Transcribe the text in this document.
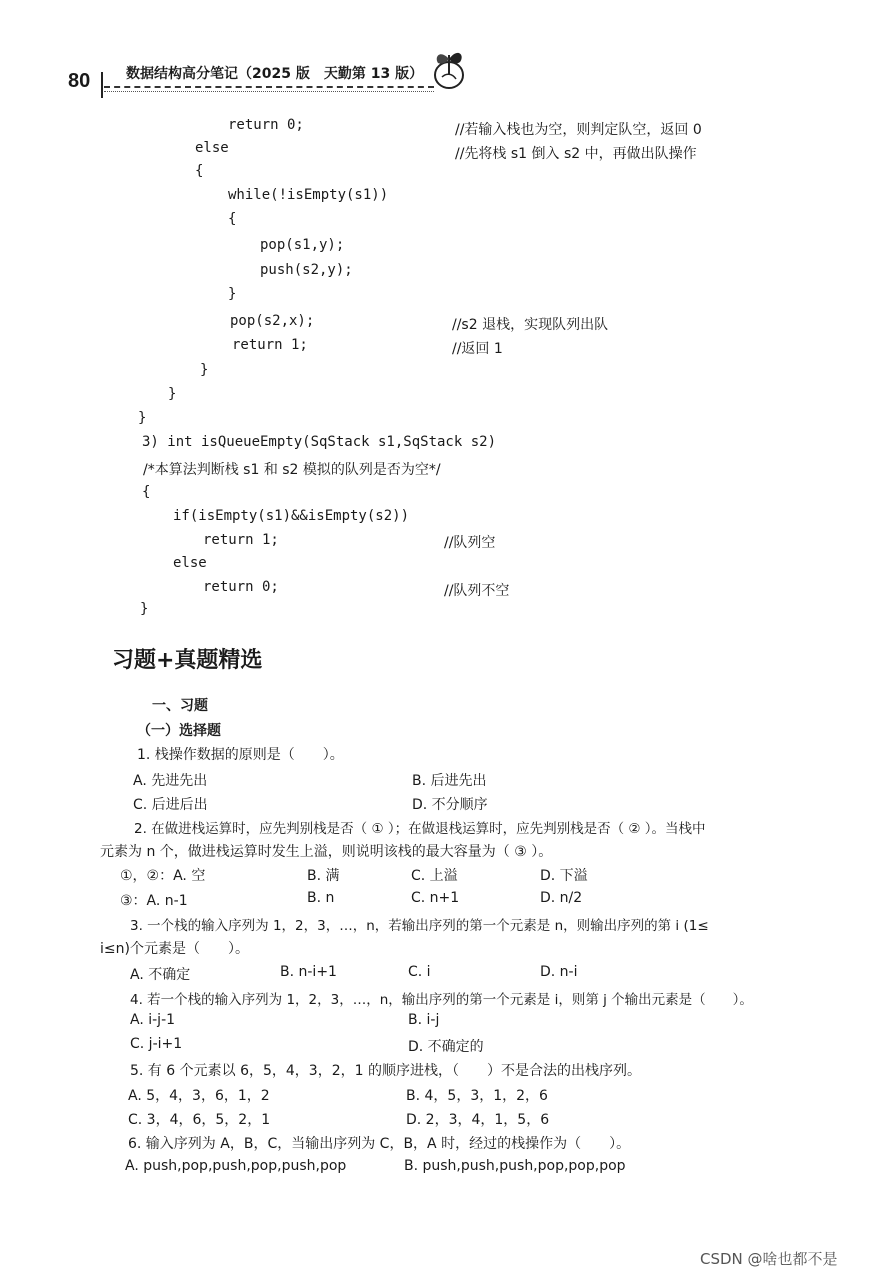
80	数据结构高分笔记（2025 版　天勤第 13 版）
return 0;	//若输入栈也为空，则判定队空，返回 0
else	//先将栈 s1 倒入 s2 中，再做出队操作
{
while(!isEmpty(s1))
{
pop(s1,y);
push(s2,y);
}
pop(s2,x);	//s2 退栈，实现队列出队
return 1;	//返回 1
}
}
}
3) int isQueueEmpty(SqStack s1,SqStack s2)
/*本算法判断栈 s1 和 s2 模拟的队列是否为空*/
{
if(isEmpty(s1)&&isEmpty(s2))
return 1;	//队列空
else
return 0;	//队列不空
}
习题+真题精选
一、习题
（一）选择题
1. 栈操作数据的原则是（　　）。
A. 先进先出	B. 后进先出
C. 后进后出	D. 不分顺序
2. 在做进栈运算时，应先判别栈是否（ ① ）；在做退栈运算时，应先判别栈是否（ ② ）。当栈中
元素为 n 个，做进栈运算时发生上溢，则说明该栈的最大容量为（ ③ ）。
①，②：A. 空	B. 满	C. 上溢	D. 下溢
③：A. n-1	B. n	C. n+1	D. n/2
3. 一个栈的输入序列为 1，2，3，…，n，若输出序列的第一个元素是 n，则输出序列的第 i (1≤
i≤n)个元素是（　　）。
A. 不确定	B. n-i+1	C. i	D. n-i
4. 若一个栈的输入序列为 1，2，3，…，n，输出序列的第一个元素是 i，则第 j 个输出元素是（　　）。
A. i-j-1	B. i-j
C. j-i+1	D. 不确定的
5. 有 6 个元素以 6，5，4，3，2，1 的顺序进栈，（　　）不是合法的出栈序列。
A. 5，4，3，6，1，2	B. 4，5，3，1，2，6
C. 3，4，6，5，2，1	D. 2，3，4，1，5，6
6. 输入序列为 A，B，C，当输出序列为 C，B，A 时，经过的栈操作为（　　）。
A. push,pop,push,pop,push,pop	B. push,push,push,pop,pop,pop
CSDN @啥也都不是
